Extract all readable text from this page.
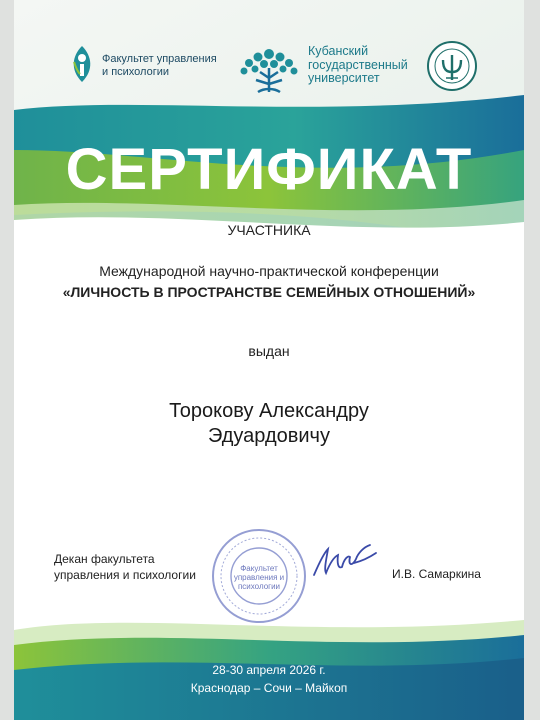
Факультет управления
и психологии
Кубанский
государственный
университет
СЕРТИФИКАТ
УЧАСТНИКА
Международной научно-практической конференции
«ЛИЧНОСТЬ В ПРОСТРАНСТВЕ СЕМЕЙНЫХ ОТНОШЕНИЙ»
выдан
Торокову Александру
Эдуардовичу
Декан факультета
управления и психологии	Факультет
управления и
психологии
И.В. Самаркина
28-30 апреля 2026 г.
Краснодар – Сочи – Майкоп
